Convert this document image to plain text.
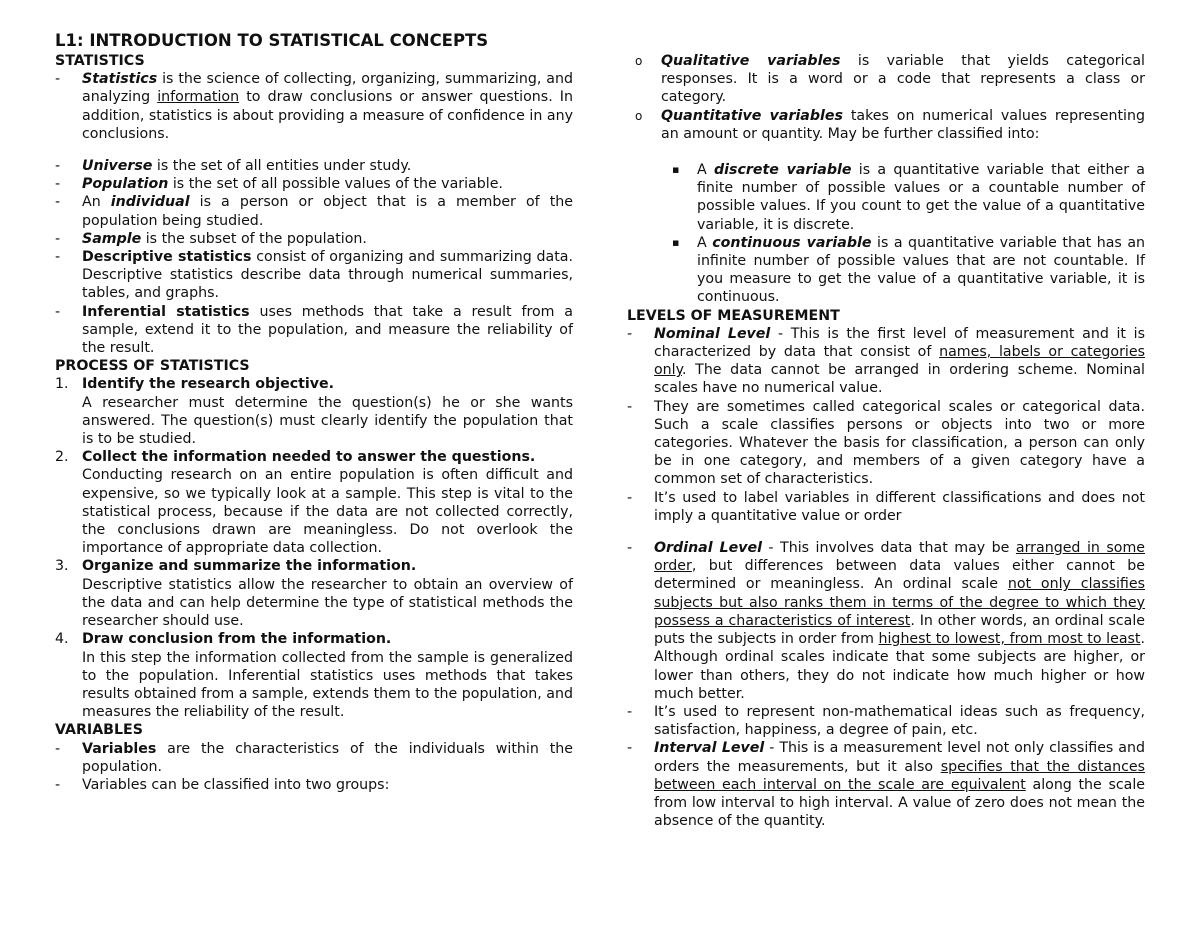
L1: INTRODUCTION TO STATISTICAL CONCEPTS
STATISTICS
- Statistics is the science of collecting, organizing, summarizing, and analyzing information to draw conclusions or answer questions. In addition, statistics is about providing a measure of confidence in any conclusions.
- Universe is the set of all entities under study.
- Population is the set of all possible values of the variable.
- An individual is a person or object that is a member of the population being studied.
- Sample is the subset of the population.
- Descriptive statistics consist of organizing and summarizing data. Descriptive statistics describe data through numerical summaries, tables, and graphs.
- Inferential statistics uses methods that take a result from a sample, extend it to the population, and measure the reliability of the result.
PROCESS OF STATISTICS
1. Identify the research objective.
A researcher must determine the question(s) he or she wants answered. The question(s) must clearly identify the population that is to be studied.
2. Collect the information needed to answer the questions.
Conducting research on an entire population is often difficult and expensive, so we typically look at a sample. This step is vital to the statistical process, because if the data are not collected correctly, the conclusions drawn are meaningless. Do not overlook the importance of appropriate data collection.
3. Organize and summarize the information.
Descriptive statistics allow the researcher to obtain an overview of the data and can help determine the type of statistical methods the researcher should use.
4. Draw conclusion from the information.
In this step the information collected from the sample is generalized to the population. Inferential statistics uses methods that takes results obtained from a sample, extends them to the population, and measures the reliability of the result.
VARIABLES
- Variables are the characteristics of the individuals within the population.
- Variables can be classified into two groups:
o Qualitative variables is variable that yields categorical responses. It is a word or a code that represents a class or category.
o Quantitative variables takes on numerical values representing an amount or quantity. May be further classified into:
▪ A discrete variable is a quantitative variable that either a finite number of possible values or a countable number of possible values. If you count to get the value of a quantitative variable, it is discrete.
▪ A continuous variable is a quantitative variable that has an infinite number of possible values that are not countable. If you measure to get the value of a quantitative variable, it is continuous.
LEVELS OF MEASUREMENT
- Nominal Level - This is the first level of measurement and it is characterized by data that consist of names, labels or categories only. The data cannot be arranged in ordering scheme. Nominal scales have no numerical value.
- They are sometimes called categorical scales or categorical data. Such a scale classifies persons or objects into two or more categories. Whatever the basis for classification, a person can only be in one category, and members of a given category have a common set of characteristics.
- It’s used to label variables in different classifications and does not imply a quantitative value or order
- Ordinal Level - This involves data that may be arranged in some order, but differences between data values either cannot be determined or meaningless. An ordinal scale not only classifies subjects but also ranks them in terms of the degree to which they possess a characteristics of interest. In other words, an ordinal scale puts the subjects in order from highest to lowest, from most to least. Although ordinal scales indicate that some subjects are higher, or lower than others, they do not indicate how much higher or how much better.
- It’s used to represent non-mathematical ideas such as frequency, satisfaction, happiness, a degree of pain, etc.
- Interval Level - This is a measurement level not only classifies and orders the measurements, but it also specifies that the distances between each interval on the scale are equivalent along the scale from low interval to high interval. A value of zero does not mean the absence of the quantity.
